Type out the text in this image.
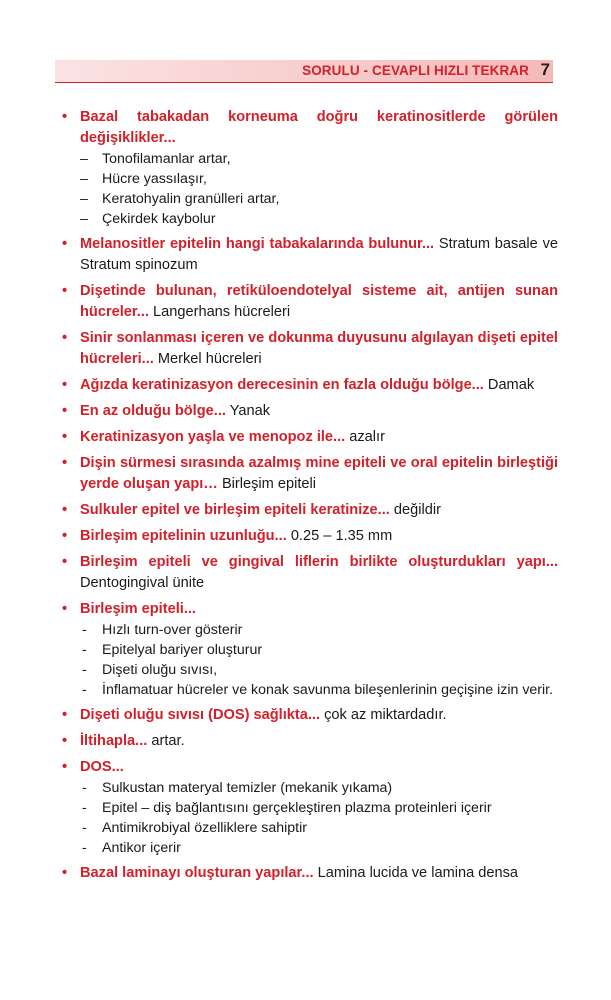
SORULU - CEVAPLI HIZLI TEKRAR 7
• Bazal tabakadan korneuma doğru keratinositlerde görülen değişiklikler...
– Tonofilamanlar artar,
– Hücre yassılaşır,
– Keratohyalin granülleri artar,
– Çekirdek kaybolur
• Melanositler epitelin hangi tabakalarında bulunur... Stratum basale ve Stratum spinozum
• Dişetinde bulunan, retiküloendotelyal sisteme ait, antijen sunan hücreler... Langerhans hücreleri
• Sinir sonlanması içeren ve dokunma duyusunu algılayan dişeti epitel hücreleri... Merkel hücreleri
• Ağızda keratinizasyon derecesinin en fazla olduğu bölge... Damak
• En az olduğu bölge... Yanak
• Keratinizasyon yaşla ve menopoz ile... azalır
• Dişin sürmesi sırasında azalmış mine epiteli ve oral epitelin birleştiği yerde oluşan yapı… Birleşim epiteli
• Sulkuler epitel ve birleşim epiteli keratinize... değildir
• Birleşim epitelinin uzunluğu... 0.25 – 1.35 mm
• Birleşim epiteli ve gingival liflerin birlikte oluşturdukları yapı... Dentogingival ünite
• Birleşim epiteli...
- Hızlı turn-over gösterir
- Epitelyal bariyer oluşturur
- Dişeti oluğu sıvısı,
- İnflamatuar hücreler ve konak savunma bileşenlerinin geçişine izin verir.
• Dişeti oluğu sıvısı (DOS) sağlıkta... çok az miktardadır.
• İltihapla... artar.
• DOS...
- Sulkustan materyal temizler (mekanik yıkama)
- Epitel – diş bağlantısını gerçekleştiren plazma proteinleri içerir
- Antimikrobiyal özelliklere sahiptir
- Antikor içerir
• Bazal laminayı oluşturan yapılar... Lamina lucida ve lamina densa
